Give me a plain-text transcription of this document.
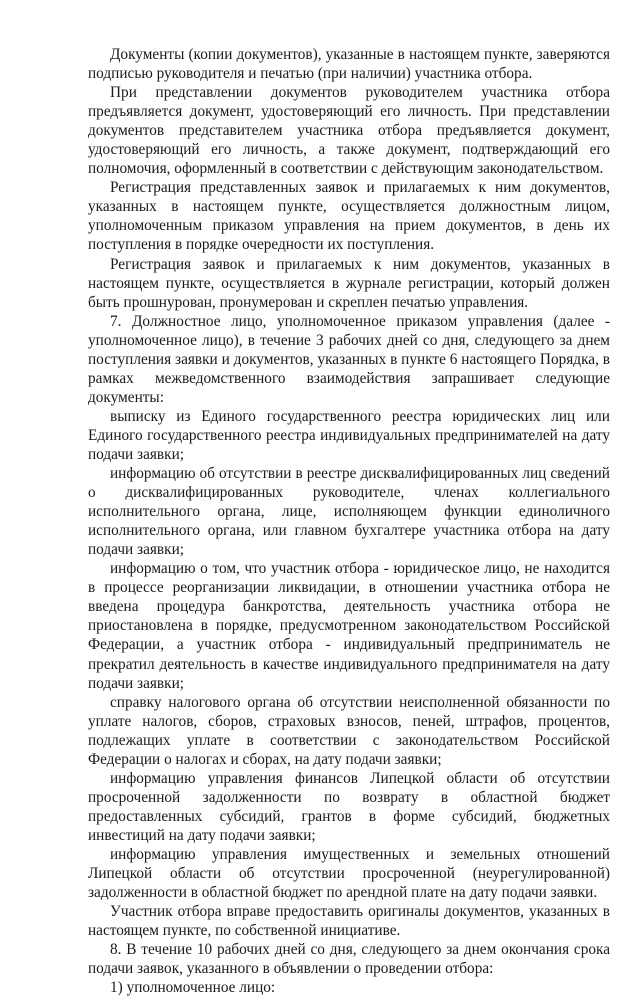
Документы (копии документов), указанные в настоящем пункте, заверяются подписью руководителя и печатью (при наличии) участника отбора.

При представлении документов руководителем участника отбора предъявляется документ, удостоверяющий его личность. При представлении документов представителем участника отбора предъявляется документ, удостоверяющий его личность, а также документ, подтверждающий его полномочия, оформленный в соответствии с действующим законодательством.

Регистрация представленных заявок и прилагаемых к ним документов, указанных в настоящем пункте, осуществляется должностным лицом, уполномоченным приказом управления на прием документов, в день их поступления в порядке очередности их поступления.

Регистрация заявок и прилагаемых к ним документов, указанных в настоящем пункте, осуществляется в журнале регистрации, который должен быть прошнурован, пронумерован и скреплен печатью управления.

7. Должностное лицо, уполномоченное приказом управления (далее - уполномоченное лицо), в течение 3 рабочих дней со дня, следующего за днем поступления заявки и документов, указанных в пункте 6 настоящего Порядка, в рамках межведомственного взаимодействия запрашивает следующие документы:

выписку из Единого государственного реестра юридических лиц или Единого государственного реестра индивидуальных предпринимателей на дату подачи заявки;

информацию об отсутствии в реестре дисквалифицированных лиц сведений о дисквалифицированных руководителе, членах коллегиального исполнительного органа, лице, исполняющем функции единоличного исполнительного органа, или главном бухгалтере участника отбора на дату подачи заявки;

информацию о том, что участник отбора - юридическое лицо, не находится в процессе реорганизации ликвидации, в отношении участника отбора не введена процедура банкротства, деятельность участника отбора не приостановлена в порядке, предусмотренном законодательством Российской Федерации, а участник отбора - индивидуальный предприниматель не прекратил деятельность в качестве индивидуального предпринимателя на дату подачи заявки;

справку налогового органа об отсутствии неисполненной обязанности по уплате налогов, сборов, страховых взносов, пеней, штрафов, процентов, подлежащих уплате в соответствии с законодательством Российской Федерации о налогах и сборах, на дату подачи заявки;

информацию управления финансов Липецкой области об отсутствии просроченной задолженности по возврату в областной бюджет предоставленных субсидий, грантов в форме субсидий, бюджетных инвестиций на дату подачи заявки;

информацию управления имущественных и земельных отношений Липецкой области об отсутствии просроченной (неурегулированной) задолженности в областной бюджет по арендной плате на дату подачи заявки.

Участник отбора вправе предоставить оригиналы документов, указанных в настоящем пункте, по собственной инициативе.

8. В течение 10 рабочих дней со дня, следующего за днем окончания срока подачи заявок, указанного в объявлении о проведении отбора:

1) уполномоченное лицо:
